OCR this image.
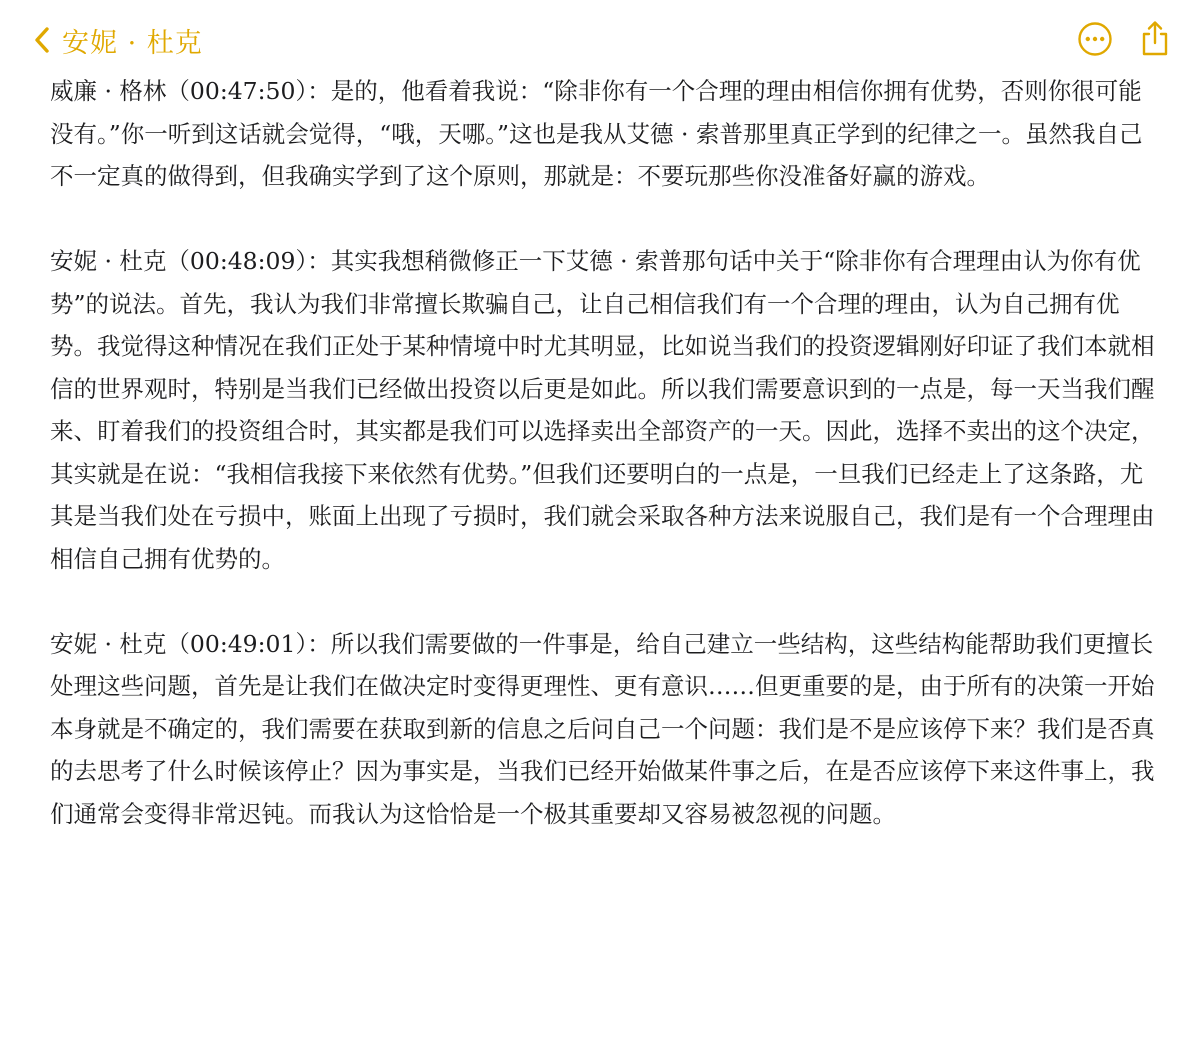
安妮 · 杜克

威廉 · 格林（00:47:50）：是的，他看着我说：“除非你有一个合理的理由相信你拥有优势，否则你很可能没有。”你一听到这话就会觉得，“哦，天哪。”这也是我从艾德 · 索普那里真正学到的纪律之一。虽然我自己不一定真的做得到，但我确实学到了这个原则，那就是：不要玩那些你没准备好赢的游戏。

安妮 · 杜克（00:48:09）：其实我想稍微修正一下艾德 · 索普那句话中关于“除非你有合理理由认为你有优势”的说法。首先，我认为我们非常擅长欺骗自己，让自己相信我们有一个合理的理由，认为自己拥有优势。我觉得这种情况在我们正处于某种情境中时尤其明显，比如说当我们的投资逻辑刚好印证了我们本就相信的世界观时，特别是当我们已经做出投资以后更是如此。所以我们需要意识到的一点是，每一天当我们醒来、盯着我们的投资组合时，其实都是我们可以选择卖出全部资产的一天。因此，选择不卖出的这个决定，其实就是在说：“我相信我接下来依然有优势。”但我们还要明白的一点是，一旦我们已经走上了这条路，尤其是当我们处在亏损中，账面上出现了亏损时，我们就会采取各种方法来说服自己，我们是有一个合理理由相信自己拥有优势的。

安妮 · 杜克（00:49:01）：所以我们需要做的一件事是，给自己建立一些结构，这些结构能帮助我们更擅长处理这些问题，首先是让我们在做决定时变得更理性、更有意识……但更重要的是，由于所有的决策一开始本身就是不确定的，我们需要在获取到新的信息之后问自己一个问题：我们是不是应该停下来？我们是否真的去思考了什么时候该停止？因为事实是，当我们已经开始做某件事之后，在是否应该停下来这件事上，我们通常会变得非常迟钝。而我认为这恰恰是一个极其重要却又容易被忽视的问题。
